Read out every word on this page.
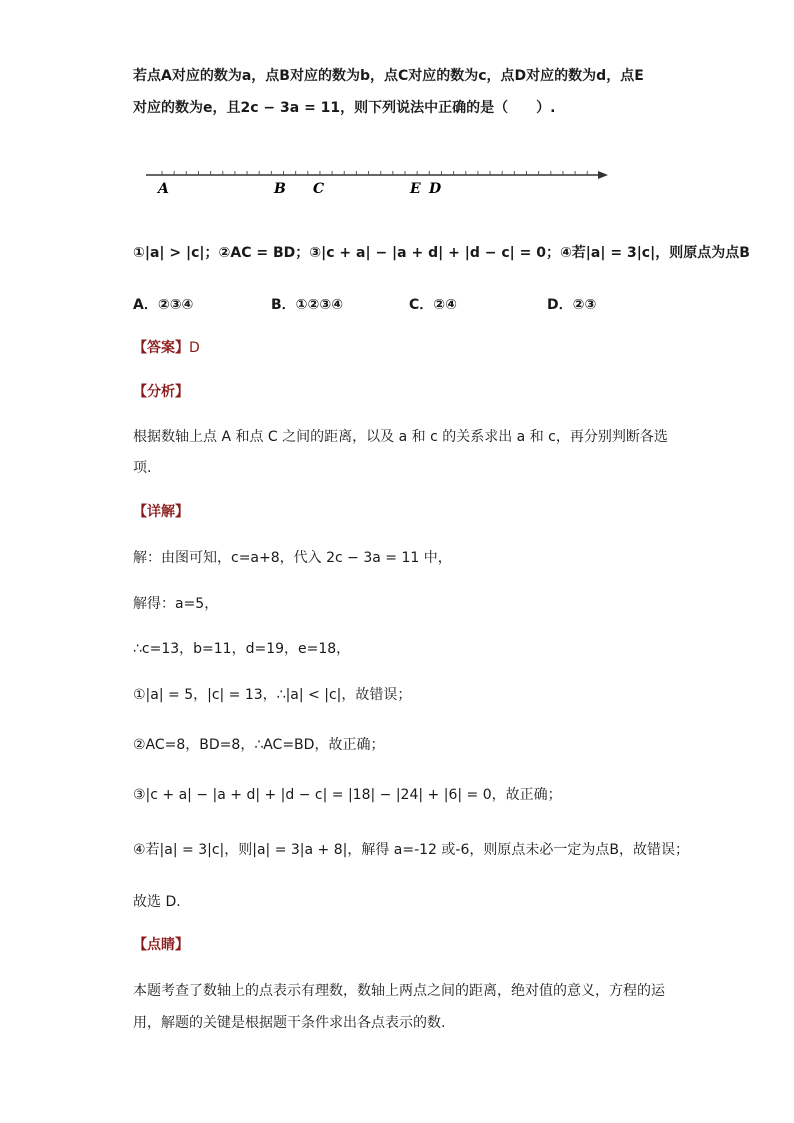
若点A对应的数为a，点B对应的数为b，点C对应的数为c，点D对应的数为d，点E
对应的数为e，且2c − 3a = 11，则下列说法中正确的是（　　）.
A	B C	E D
①|a| > |c|；②AC = BD；③|c + a| − |a + d| + |d − c| = 0；④若|a| = 3|c|，则原点为点B
A．②③④	B．①②③④	C．②④	D．②③
【答案】D
【分析】
根据数轴上点 A 和点 C 之间的距离，以及 a 和 c 的关系求出 a 和 c，再分别判断各选
项.
【详解】
解：由图可知，c=a+8，代入 2c − 3a = 11 中，
解得：a=5，
∴c=13，b=11，d=19，e=18，
①|a| = 5，|c| = 13，∴|a| < |c|，故错误；
②AC=8，BD=8，∴AC=BD，故正确；
③|c + a| − |a + d| + |d − c| = |18| − |24| + |6| = 0，故正确；
④若|a| = 3|c|，则|a| = 3|a + 8|，解得 a=-12 或-6，则原点未必一定为点B，故错误；
故选 D.
【点睛】
本题考查了数轴上的点表示有理数，数轴上两点之间的距离，绝对值的意义，方程的运
用，解题的关键是根据题干条件求出各点表示的数.
